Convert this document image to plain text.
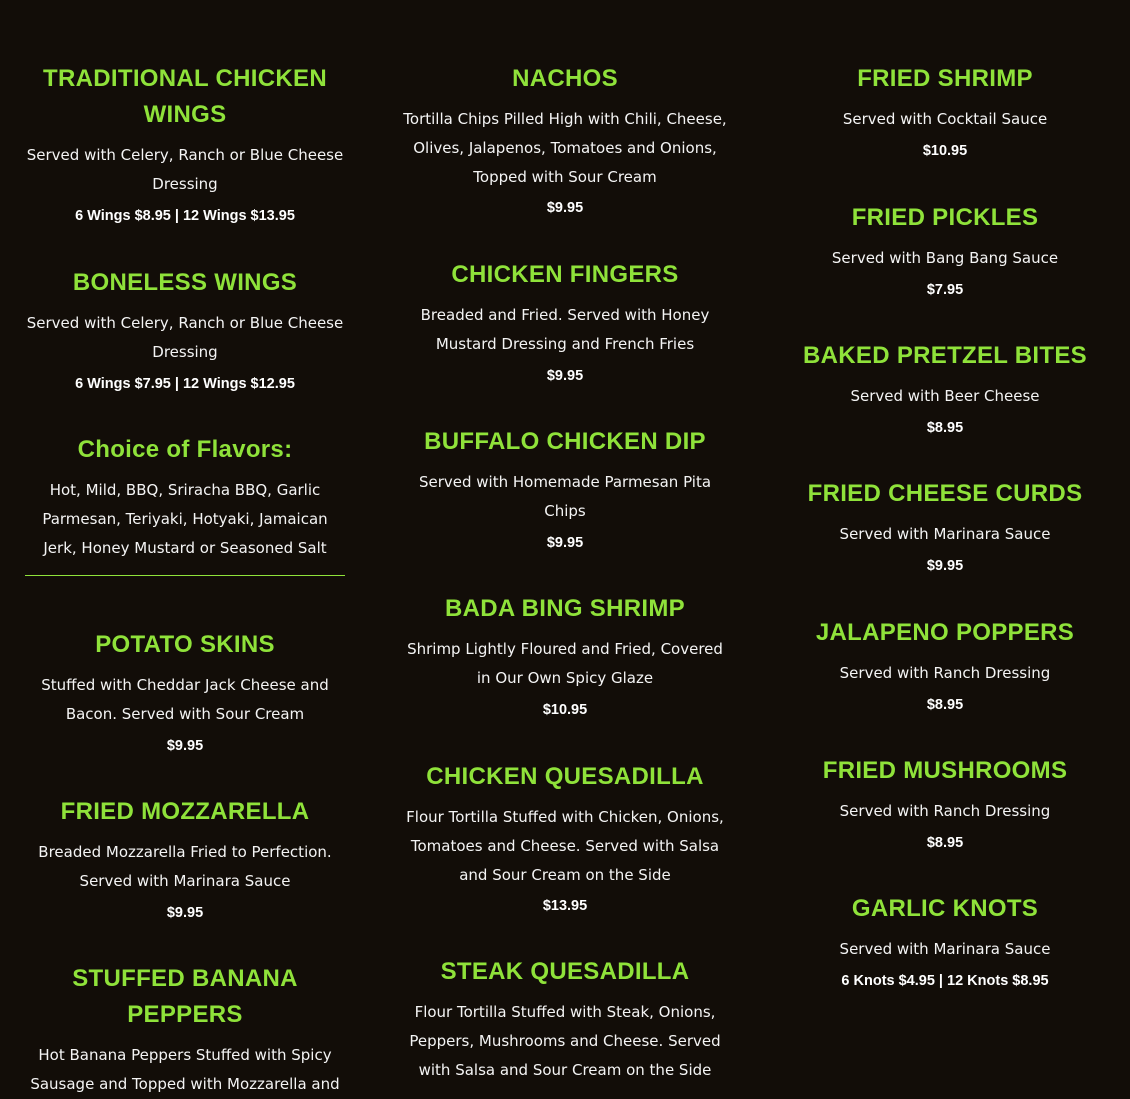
TRADITIONAL CHICKEN WINGS

Served with Celery, Ranch or Blue Cheese Dressing

6 Wings $8.95 | 12 Wings $13.95

BONELESS WINGS

Served with Celery, Ranch or Blue Cheese Dressing

6 Wings $7.95 | 12 Wings $12.95

Choice of Flavors:

Hot, Mild, BBQ, Sriracha BBQ, Garlic Parmesan, Teriyaki, Hotyaki, Jamaican Jerk, Honey Mustard or Seasoned Salt

POTATO SKINS

Stuffed with Cheddar Jack Cheese and Bacon. Served with Sour Cream

$9.95

FRIED MOZZARELLA

Breaded Mozzarella Fried to Perfection. Served with Marinara Sauce

$9.95

STUFFED BANANA PEPPERS

Hot Banana Peppers Stuffed with Spicy Sausage and Topped with Mozzarella and

NACHOS

Tortilla Chips Pilled High with Chili, Cheese, Olives, Jalapenos, Tomatoes and Onions, Topped with Sour Cream

$9.95

CHICKEN FINGERS

Breaded and Fried. Served with Honey Mustard Dressing and French Fries

$9.95

BUFFALO CHICKEN DIP

Served with Homemade Parmesan Pita Chips

$9.95

BADA BING SHRIMP

Shrimp Lightly Floured and Fried, Covered in Our Own Spicy Glaze

$10.95

CHICKEN QUESADILLA

Flour Tortilla Stuffed with Chicken, Onions, Tomatoes and Cheese. Served with Salsa and Sour Cream on the Side

$13.95

STEAK QUESADILLA

Flour Tortilla Stuffed with Steak, Onions, Peppers, Mushrooms and Cheese. Served with Salsa and Sour Cream on the Side

FRIED SHRIMP

Served with Cocktail Sauce

$10.95

FRIED PICKLES

Served with Bang Bang Sauce

$7.95

BAKED PRETZEL BITES

Served with Beer Cheese

$8.95

FRIED CHEESE CURDS

Served with Marinara Sauce

$9.95

JALAPENO POPPERS

Served with Ranch Dressing

$8.95

FRIED MUSHROOMS

Served with Ranch Dressing

$8.95

GARLIC KNOTS

Served with Marinara Sauce

6 Knots $4.95 | 12 Knots $8.95
